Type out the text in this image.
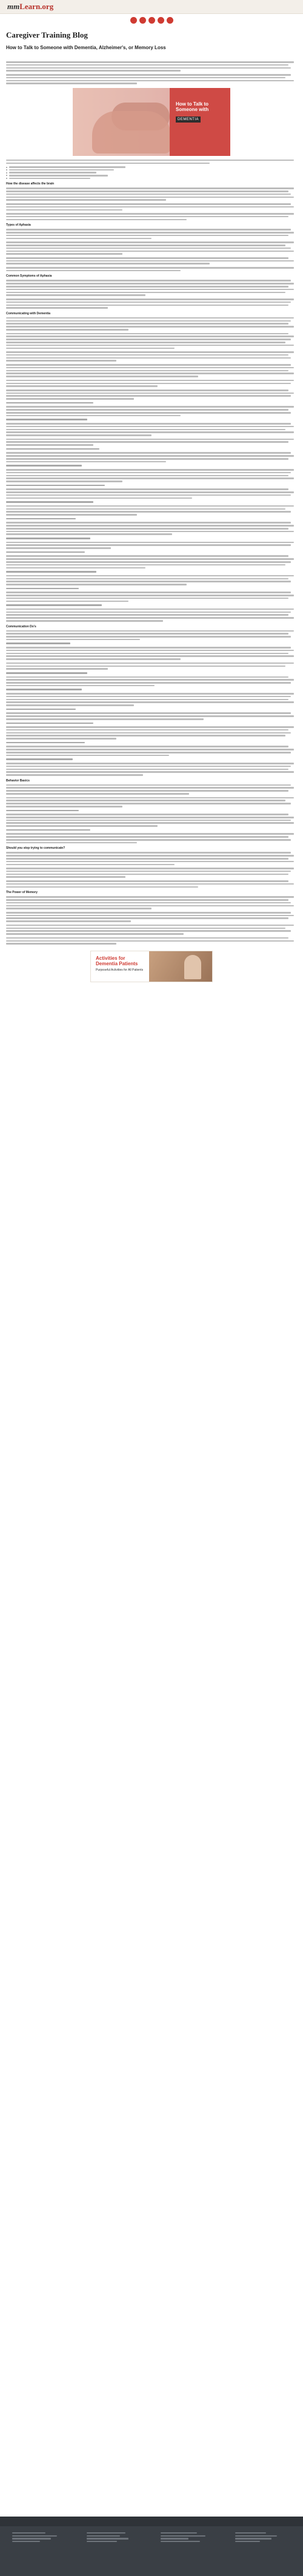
mmLearn.org
Caregiver Training Blog
How to Talk to Someone with Dementia, Alzheimer's, or Memory Loss

How to Talk to
Someone with
DEMENTIA
How the disease affects the brain
Types of Aphasia
Common Symptoms of Aphasia
Communicating with Dementia
Communication Do's
Behavior Basics
Should you stop trying to communicate?
The Power of Memory
Activities for
Dementia Patients
Purposeful Activities for All Patients
